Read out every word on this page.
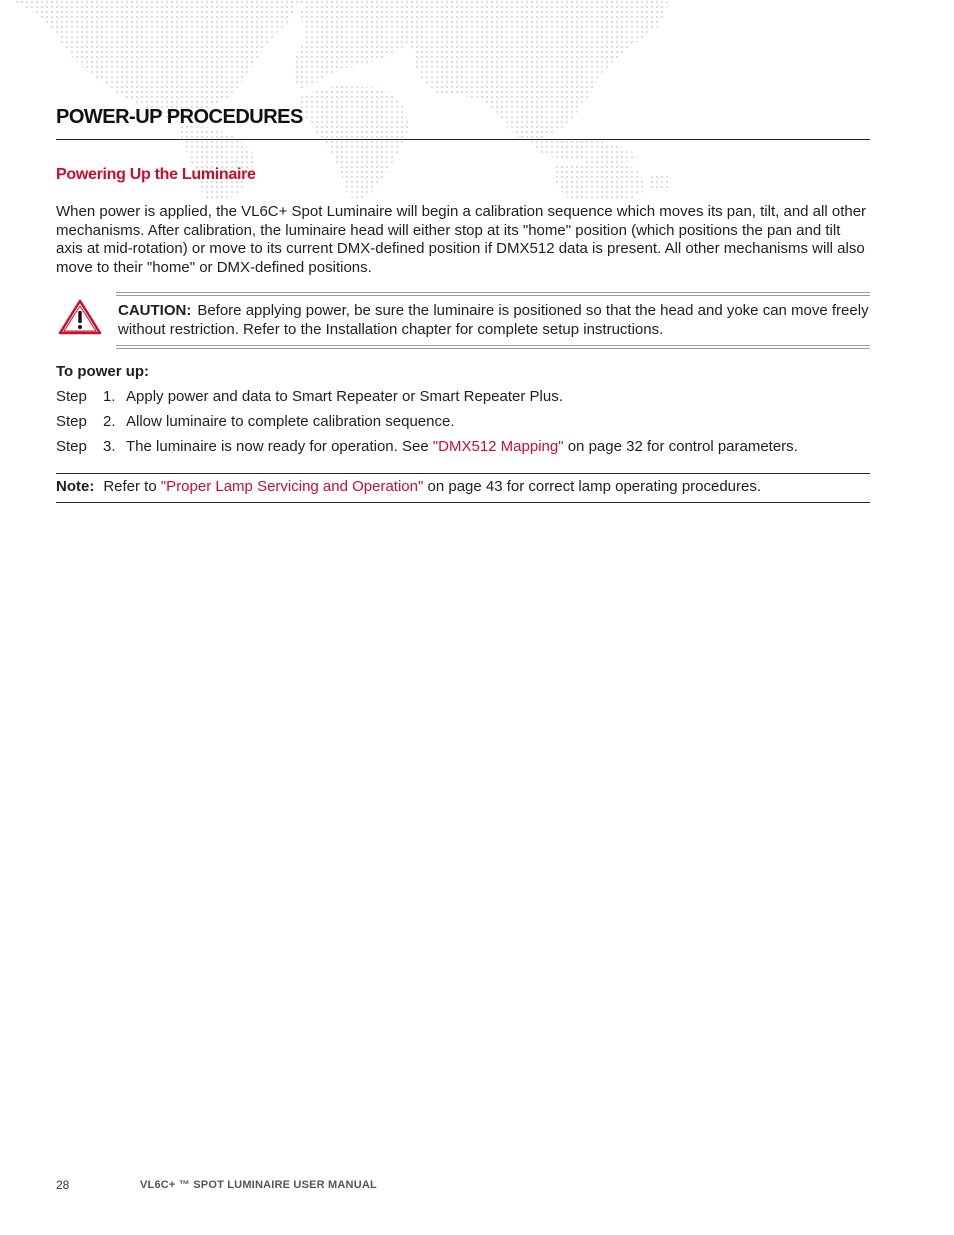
POWER-UP PROCEDURES
Powering Up the Luminaire

When power is applied, the VL6C+ Spot Luminaire will begin a calibration sequence which moves its pan, tilt, and all other mechanisms. After calibration, the luminaire head will either stop at its "home" position (which positions the pan and tilt axis at mid-rotation) or move to its current DMX-defined position if DMX512 data is present. All other mechanisms will also move to their "home" or DMX-defined positions.

CAUTION: Before applying power, be sure the luminaire is positioned so that the head and yoke can move freely without restriction. Refer to the Installation chapter for complete setup instructions.
To power up:
Step 1. Apply power and data to Smart Repeater or Smart Repeater Plus.
Step 2. Allow luminaire to complete calibration sequence.
Step 3. The luminaire is now ready for operation. See "DMX512 Mapping" on page 32 for control parameters.
Note: Refer to "Proper Lamp Servicing and Operation" on page 43 for correct lamp operating procedures.
28	VL6C+ ™ SPOT LUMINAIRE USER MANUAL
